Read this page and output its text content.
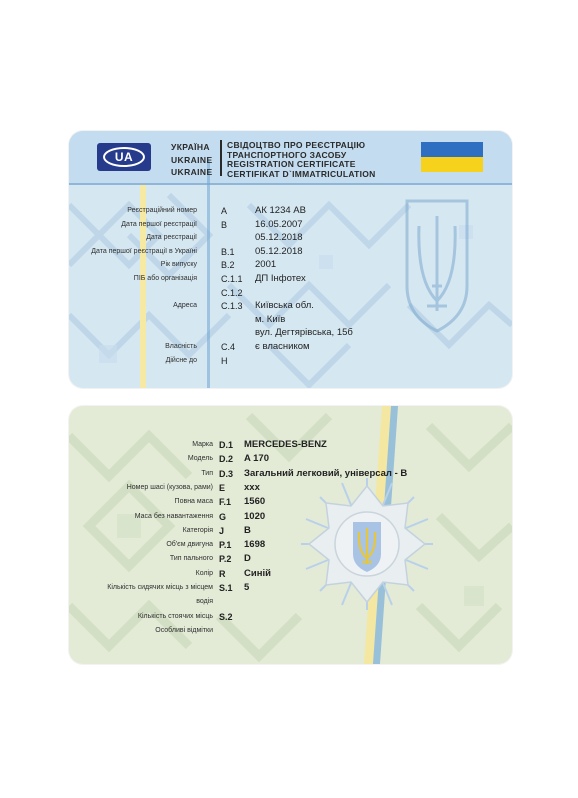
UA
УКРАЇНА
UKRAINE
UKRAINE
СВІДОЦТВО ПРО РЕЄСТРАЦІЮ
ТРАНСПОРТНОГО ЗАСОБУ
REGISTRATION CERTIFICATE
CERTIFIKAT D`IMMATRICULATION
Реєстраційний номер	A	АК 1234 АВ
Дата першої реєстрації	B	16.05.2007
Дата реєстрації	05.12.2018
Дата першої реєстрації в Україні	B.1 05.12.2018
Рік випуску	B.2 2001
ПІБ або організація	C.1.1 ДП Інфотех
C.1.2
Адреса	C.1.3 Київська обл.
м. Київ
вул. Дегтярівська, 15б
Власність	C.4 є власником
Дійсне до	H
Марка D.1 MERCEDES-BENZ
Модель D.2 A 170
Тип D.3 Загальний легковий, універсал - В
Номер шасі (кузова, рами) E xxx
Повна маса F.1 1560
Маса без навантаження G 1020
Категорія J B
Об'єм двигуна P.1 1698
Тип пального P.2 D
Колір R Синій
Кількість сидячих місць з місцем S.1 5
водія
Кількість стоячих місць S.2
Особливі відмітки
